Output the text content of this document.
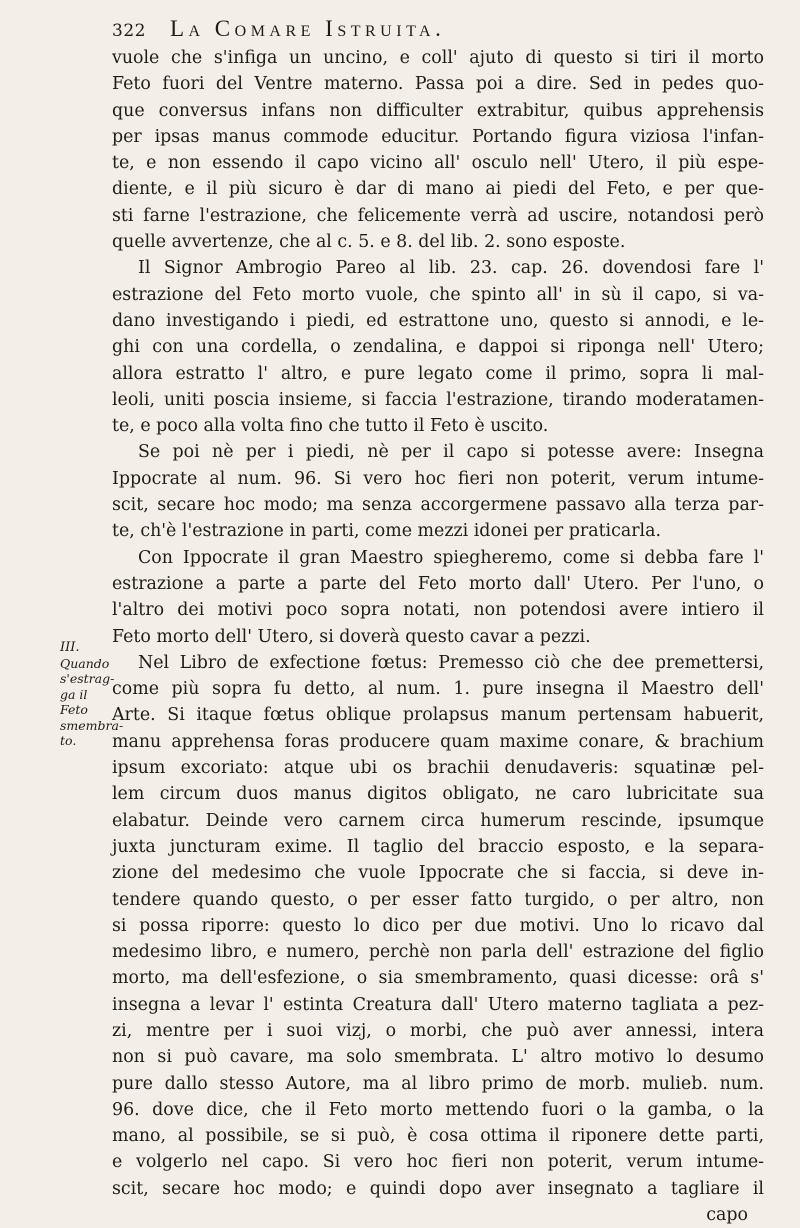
322 La Comare Istruita.
III.
Quando
s'estrag-
ga il Feto
smembra-
to.
vuole che s'infiga un uncino, e coll' ajuto di questo si tiri il morto
Feto fuori del Ventre materno. Passa poi a dire. Sed in pedes quo-
que conversus infans non difficulter extrabitur, quibus apprehensis
per ipsas manus commode educitur. Portando figura viziosa l'infan-
te, e non essendo il capo vicino all' osculo nell' Utero, il più espe-
diente, e il più sicuro è dar di mano ai piedi del Feto, e per que-
sti farne l'estrazione, che felicemente verrà ad uscire, notandosi però
quelle avvertenze, che al c. 5. e 8. del lib. 2. sono esposte.
Il Signor Ambrogio Pareo al lib. 23. cap. 26. dovendosi fare l'
estrazione del Feto morto vuole, che spinto all' in sù il capo, si va-
dano investigando i piedi, ed estrattone uno, questo si annodi, e le-
ghi con una cordella, o zendalina, e dappoi si riponga nell' Utero;
allora estratto l' altro, e pure legato come il primo, sopra li mal-
leoli, uniti poscia insieme, si faccia l'estrazione, tirando moderatamen-
te, e poco alla volta fino che tutto il Feto è uscito.
Se poi nè per i piedi, nè per il capo si potesse avere: Insegna
Ippocrate al num. 96. Si vero hoc fieri non poterit, verum intume-
scit, secare hoc modo; ma senza accorgermene passavo alla terza par-
te, ch'è l'estrazione in parti, come mezzi idonei per praticarla.
Con Ippocrate il gran Maestro spiegheremo, come si debba fare l'
estrazione a parte a parte del Feto morto dall' Utero. Per l'uno, o
l'altro dei motivi poco sopra notati, non potendosi avere intiero il
Feto morto dell' Utero, si doverà questo cavar a pezzi.
Nel Libro de exfectione fœtus: Premesso ciò che dee premettersi,
come più sopra fu detto, al num. 1. pure insegna il Maestro dell'
Arte. Si itaque fœtus oblique prolapsus manum pertensam habuerit,
manu apprehensa foras producere quam maxime conare, & brachium
ipsum excoriato: atque ubi os brachii denudaveris: squatinæ pel-
lem circum duos manus digitos obligato, ne caro lubricitate sua
elabatur. Deinde vero carnem circa humerum rescinde, ipsumque
juxta juncturam exime. Il taglio del braccio esposto, e la separa-
zione del medesimo che vuole Ippocrate che si faccia, si deve in-
tendere quando questo, o per esser fatto turgido, o per altro, non
si possa riporre: questo lo dico per due motivi. Uno lo ricavo dal
medesimo libro, e numero, perchè non parla dell' estrazione del figlio
morto, ma dell'esfezione, o sia smembramento, quasi dicesse: orâ s'
insegna a levar l' estinta Creatura dall' Utero materno tagliata a pez-
zi, mentre per i suoi vizj, o morbi, che può aver annessi, intera
non si può cavare, ma solo smembrata. L' altro motivo lo desumo
pure dallo stesso Autore, ma al libro primo de morb. mulieb. num.
96. dove dice, che il Feto morto mettendo fuori o la gamba, o la
mano, al possibile, se si può, è cosa ottima il riponere dette parti,
e volgerlo nel capo. Si vero hoc fieri non poterit, verum intume-
scit, secare hoc modo; e quindi dopo aver insegnato a tagliare il
capo
